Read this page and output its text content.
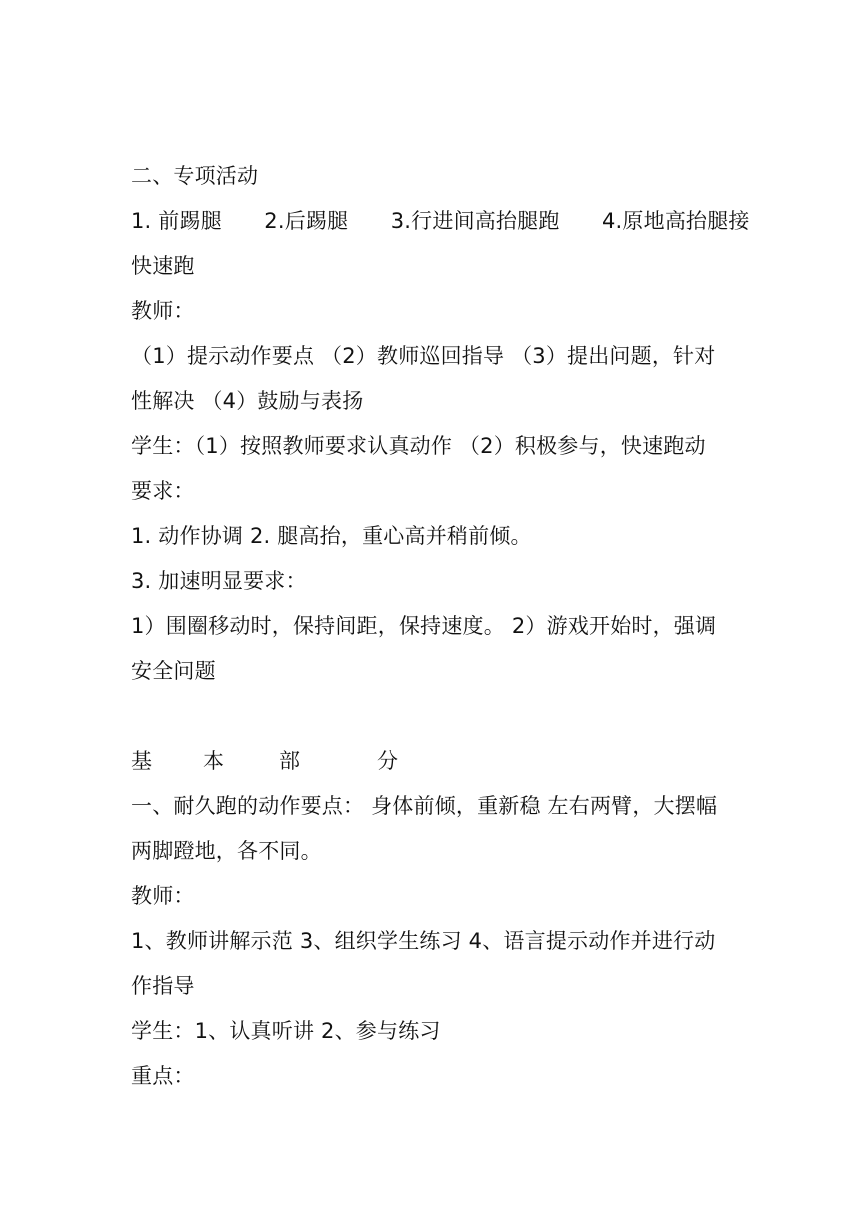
二、专项活动
1. 前踢腿　　2.后踢腿　　3.行进间高抬腿跑　　4.原地高抬腿接
快速跑
教师：
（1）提示动作要点 （2）教师巡回指导 （3）提出问题，针对
性解决 （4）鼓励与表扬
学生：（1）按照教师要求认真动作 （2）积极参与，快速跑动
要求：
1. 动作协调 2. 腿高抬，重心高并稍前倾。
3. 加速明显要求：
1）围圈移动时，保持间距，保持速度。 2）游戏开始时，强调
安全问题
基 本	部	分
一、耐久跑的动作要点： 身体前倾，重新稳 左右两臂，大摆幅
两脚蹬地，各不同。
教师：
1、教师讲解示范 3、组织学生练习 4、语言提示动作并进行动
作指导
学生：1、认真听讲 2、参与练习
重点：
